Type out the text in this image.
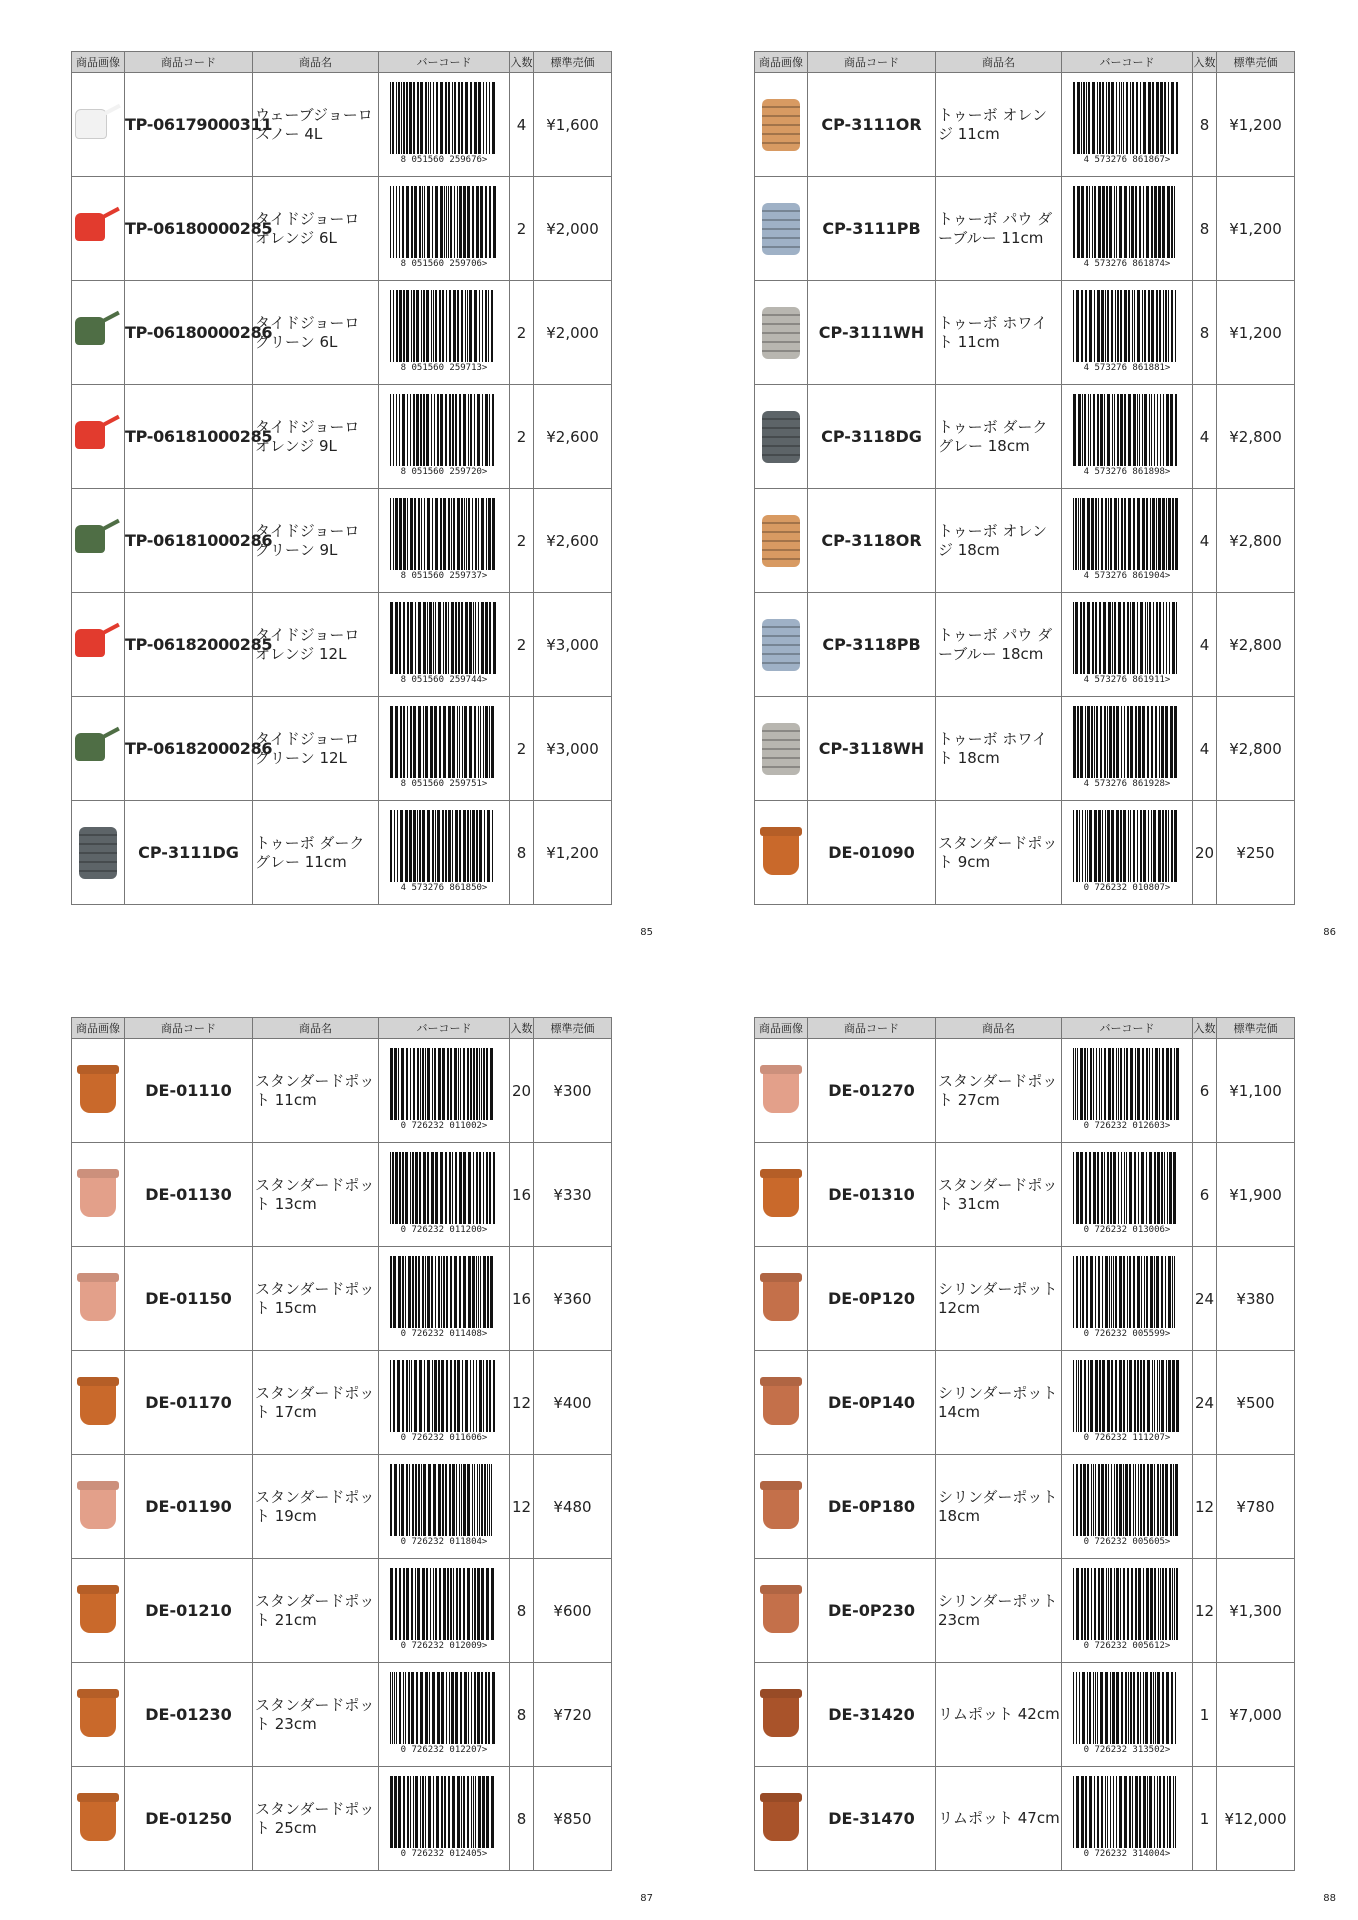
商品画像	商品コード	商品名	バーコード	入数	標準売価

	TP-06179000311	ウェーブジョーロ スノー 4L	8 051560 259676>	4	¥1,600

	TP-06180000285	タイドジョーロ オレンジ 6L	8 051560 259706>	2	¥2,000

	TP-06180000286	タイドジョーロ グリーン 6L	8 051560 259713>	2	¥2,000

	TP-06181000285	タイドジョーロ オレンジ 9L	8 051560 259720>	2	¥2,600

	TP-06181000286	タイドジョーロ グリーン 9L	8 051560 259737>	2	¥2,600

	TP-06182000285	タイドジョーロ オレンジ 12L	8 051560 259744>	2	¥3,000

	TP-06182000286	タイドジョーロ グリーン 12L	8 051560 259751>	2	¥3,000

	CP-3111DG	トゥーボ ダーク グレー 11cm	4 573276 861850>	8	¥1,200
85
商品画像	商品コード	商品名	バーコード	入数	標準売価

	CP-3111OR	トゥーボ オレン ジ 11cm	4 573276 861867>	8	¥1,200

	CP-3111PB	トゥーボ パウ ダーブルー 11cm	4 573276 861874>	8	¥1,200

	CP-3111WH	トゥーボ ホワイ ト 11cm	4 573276 861881>	8	¥1,200

	CP-3118DG	トゥーボ ダーク グレー 18cm	4 573276 861898>	4	¥2,800

	CP-3118OR	トゥーボ オレン ジ 18cm	4 573276 861904>	4	¥2,800

	CP-3118PB	トゥーボ パウ ダーブルー 18cm	4 573276 861911>	4	¥2,800

	CP-3118WH	トゥーボ ホワイ ト 18cm	4 573276 861928>	4	¥2,800

	DE-01090	スタンダードポッ ト 9cm	0 726232 010807>	20	¥250
86
商品画像	商品コード	商品名	バーコード	入数	標準売価

	DE-01110	スタンダードポッ ト 11cm	0 726232 011002>	20	¥300

	DE-01130	スタンダードポッ ト 13cm	0 726232 011200>	16	¥330

	DE-01150	スタンダードポッ ト 15cm	0 726232 011408>	16	¥360

	DE-01170	スタンダードポッ ト 17cm	0 726232 011606>	12	¥400

	DE-01190	スタンダードポッ ト 19cm	0 726232 011804>	12	¥480

	DE-01210	スタンダードポッ ト 21cm	0 726232 012009>	8	¥600

	DE-01230	スタンダードポッ ト 23cm	0 726232 012207>	8	¥720

	DE-01250	スタンダードポッ ト 25cm	0 726232 012405>	8	¥850
87
商品画像	商品コード	商品名	バーコード	入数	標準売価

	DE-01270	スタンダードポッ ト 27cm	0 726232 012603>	6	¥1,100

	DE-01310	スタンダードポッ ト 31cm	0 726232 013006>	6	¥1,900

	DE-0P120	シリンダーポット 12cm	0 726232 005599>	24	¥380

	DE-0P140	シリンダーポット 14cm	0 726232 111207>	24	¥500

	DE-0P180	シリンダーポット 18cm	0 726232 005605>	12	¥780

	DE-0P230	シリンダーポット 23cm	0 726232 005612>	12	¥1,300

	DE-31420	リムポット 42cm	0 726232 313502>	1	¥7,000

	DE-31470	リムポット 47cm	0 726232 314004>	1	¥12,000
88
